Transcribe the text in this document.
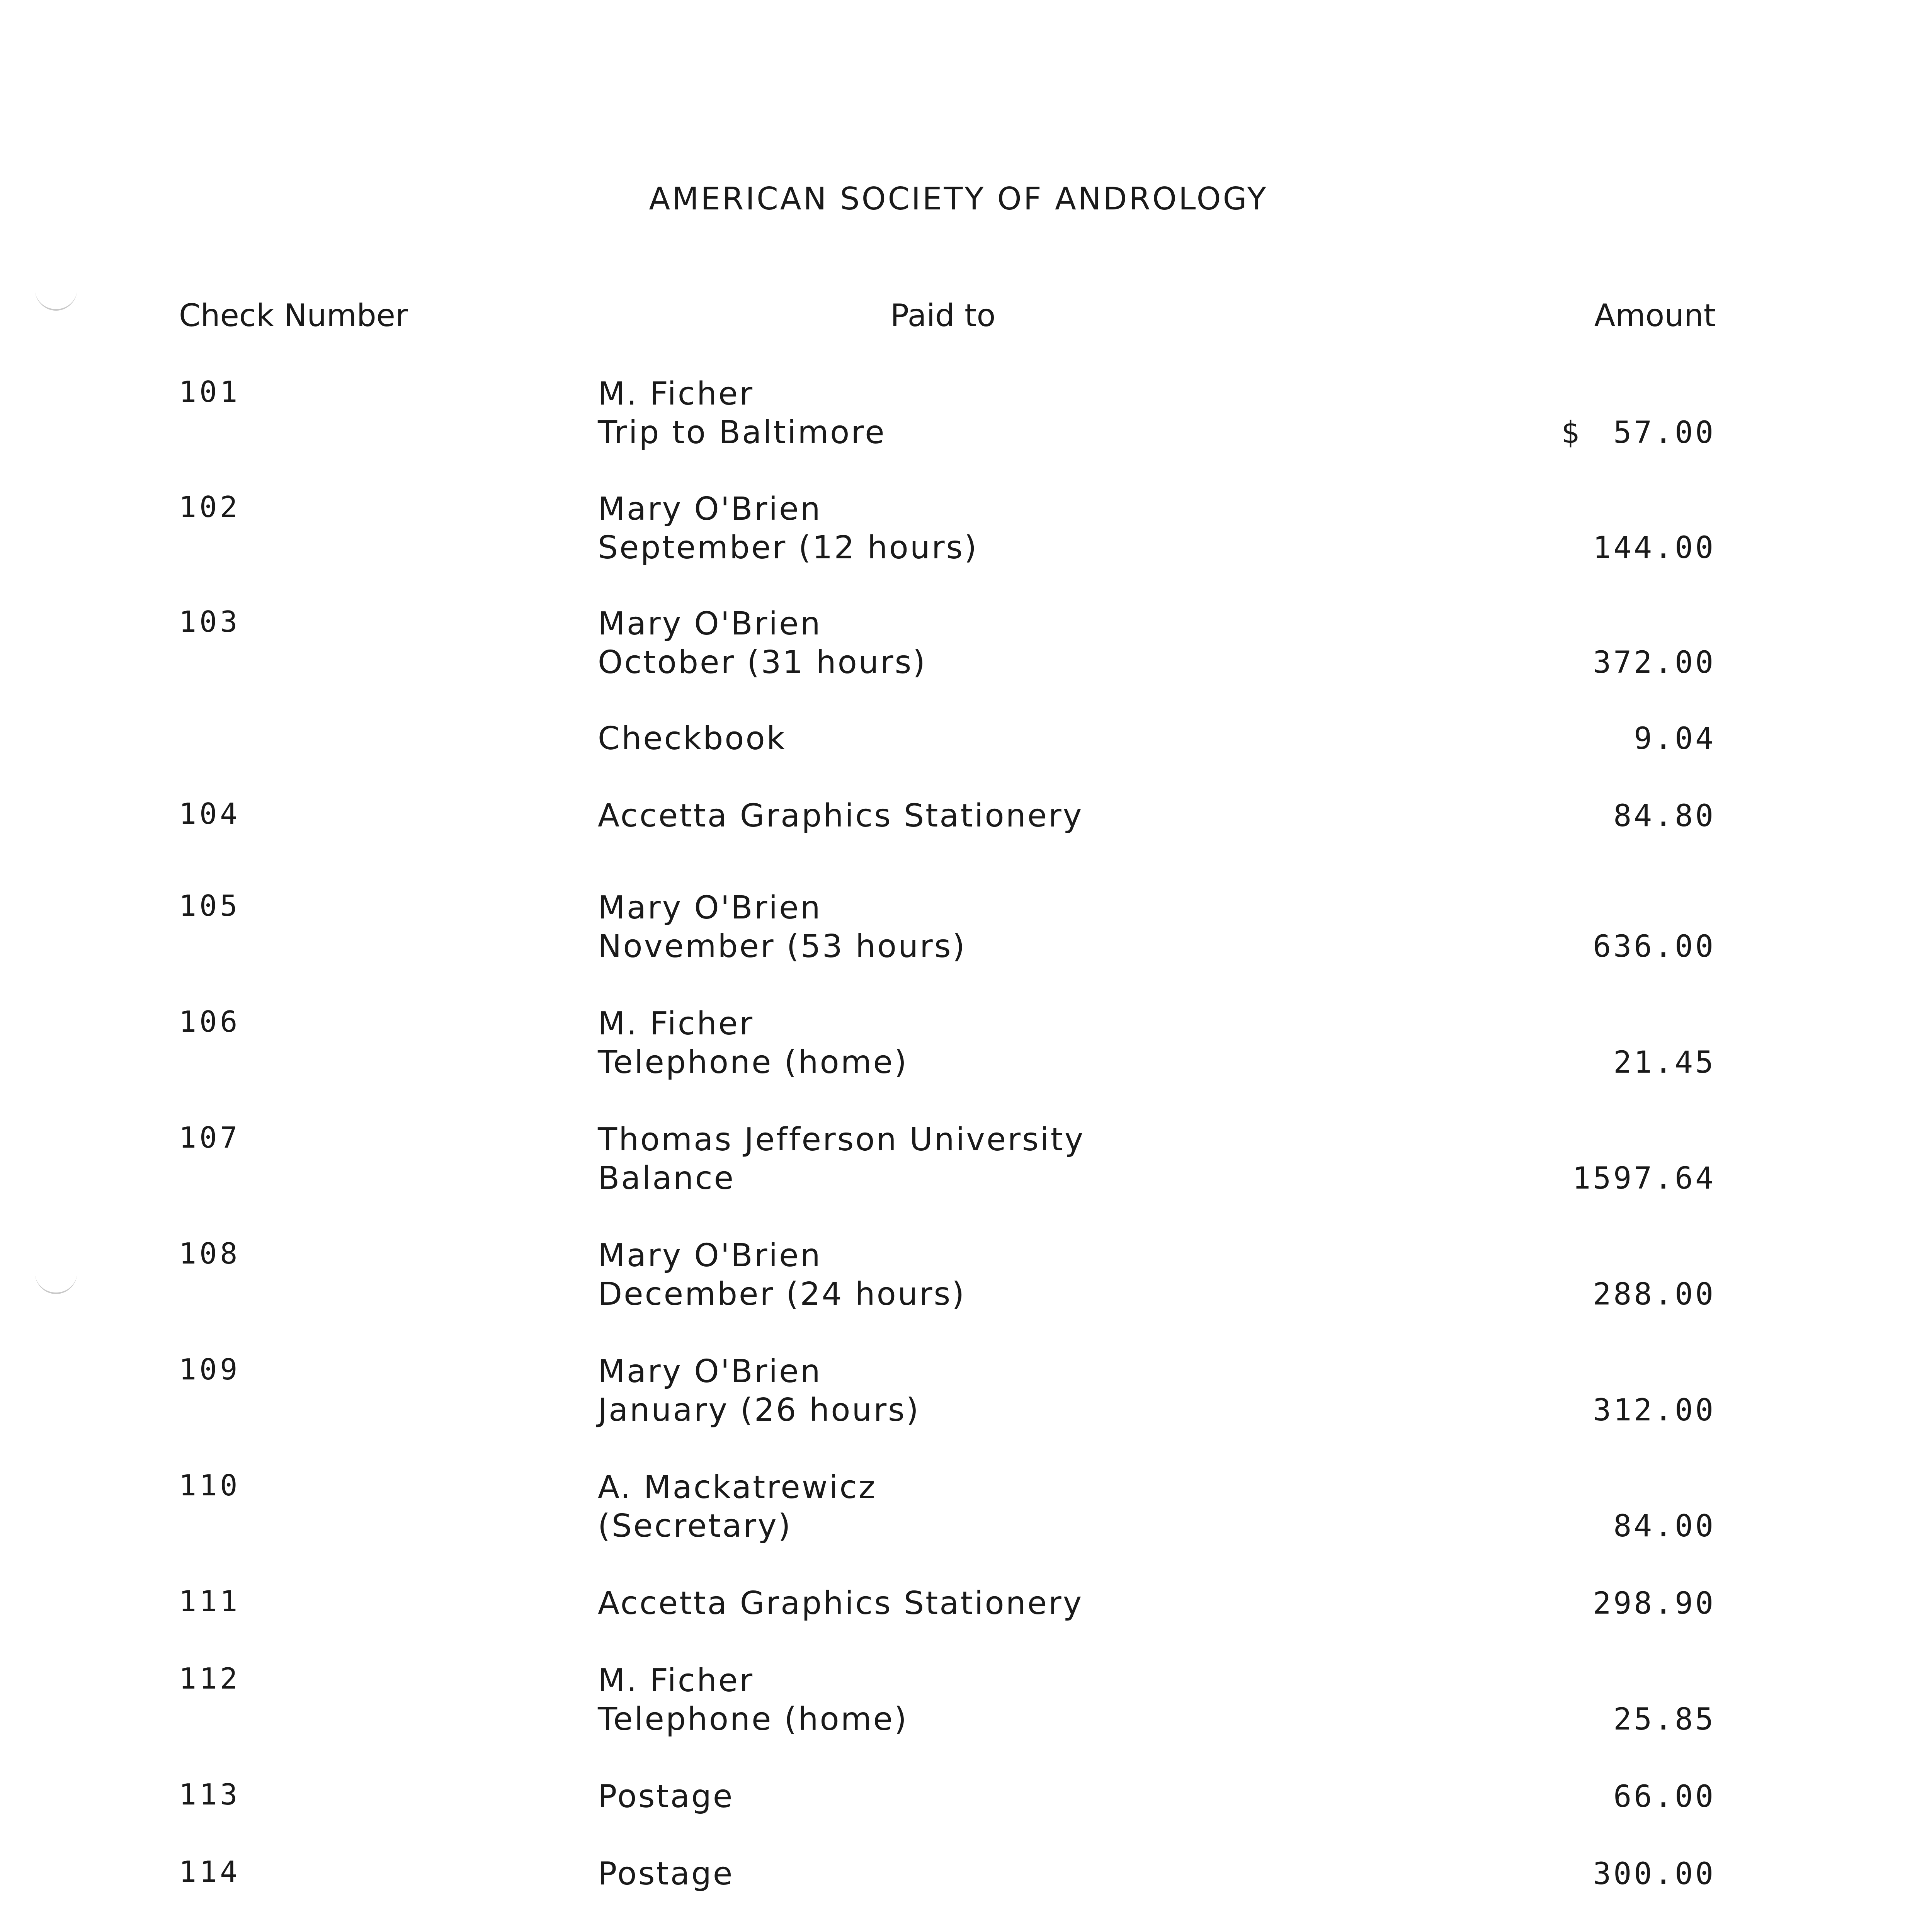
AMERICAN SOCIETY OF ANDROLOGY
Check Number	Paid to	Amount
101	M. Ficher
Trip to Baltimore	$	57.00
102	Mary O'Brien
September (12 hours)	144.00
103	Mary O'Brien
October (31 hours)	372.00
Checkbook	9.04
104	Accetta Graphics Stationery	84.80
105	Mary O'Brien
November (53 hours)	636.00
106	M. Ficher
Telephone (home)	21.45
107	Thomas Jefferson University
Balance	1597.64
108	Mary O'Brien
December (24 hours)	288.00
109	Mary O'Brien
January (26 hours)	312.00
110	A. Mackatrewicz
(Secretary)	84.00
111	Accetta Graphics Stationery	298.90
112	M. Ficher
Telephone (home)	25.85
113	Postage	66.00
114	Postage	300.00
